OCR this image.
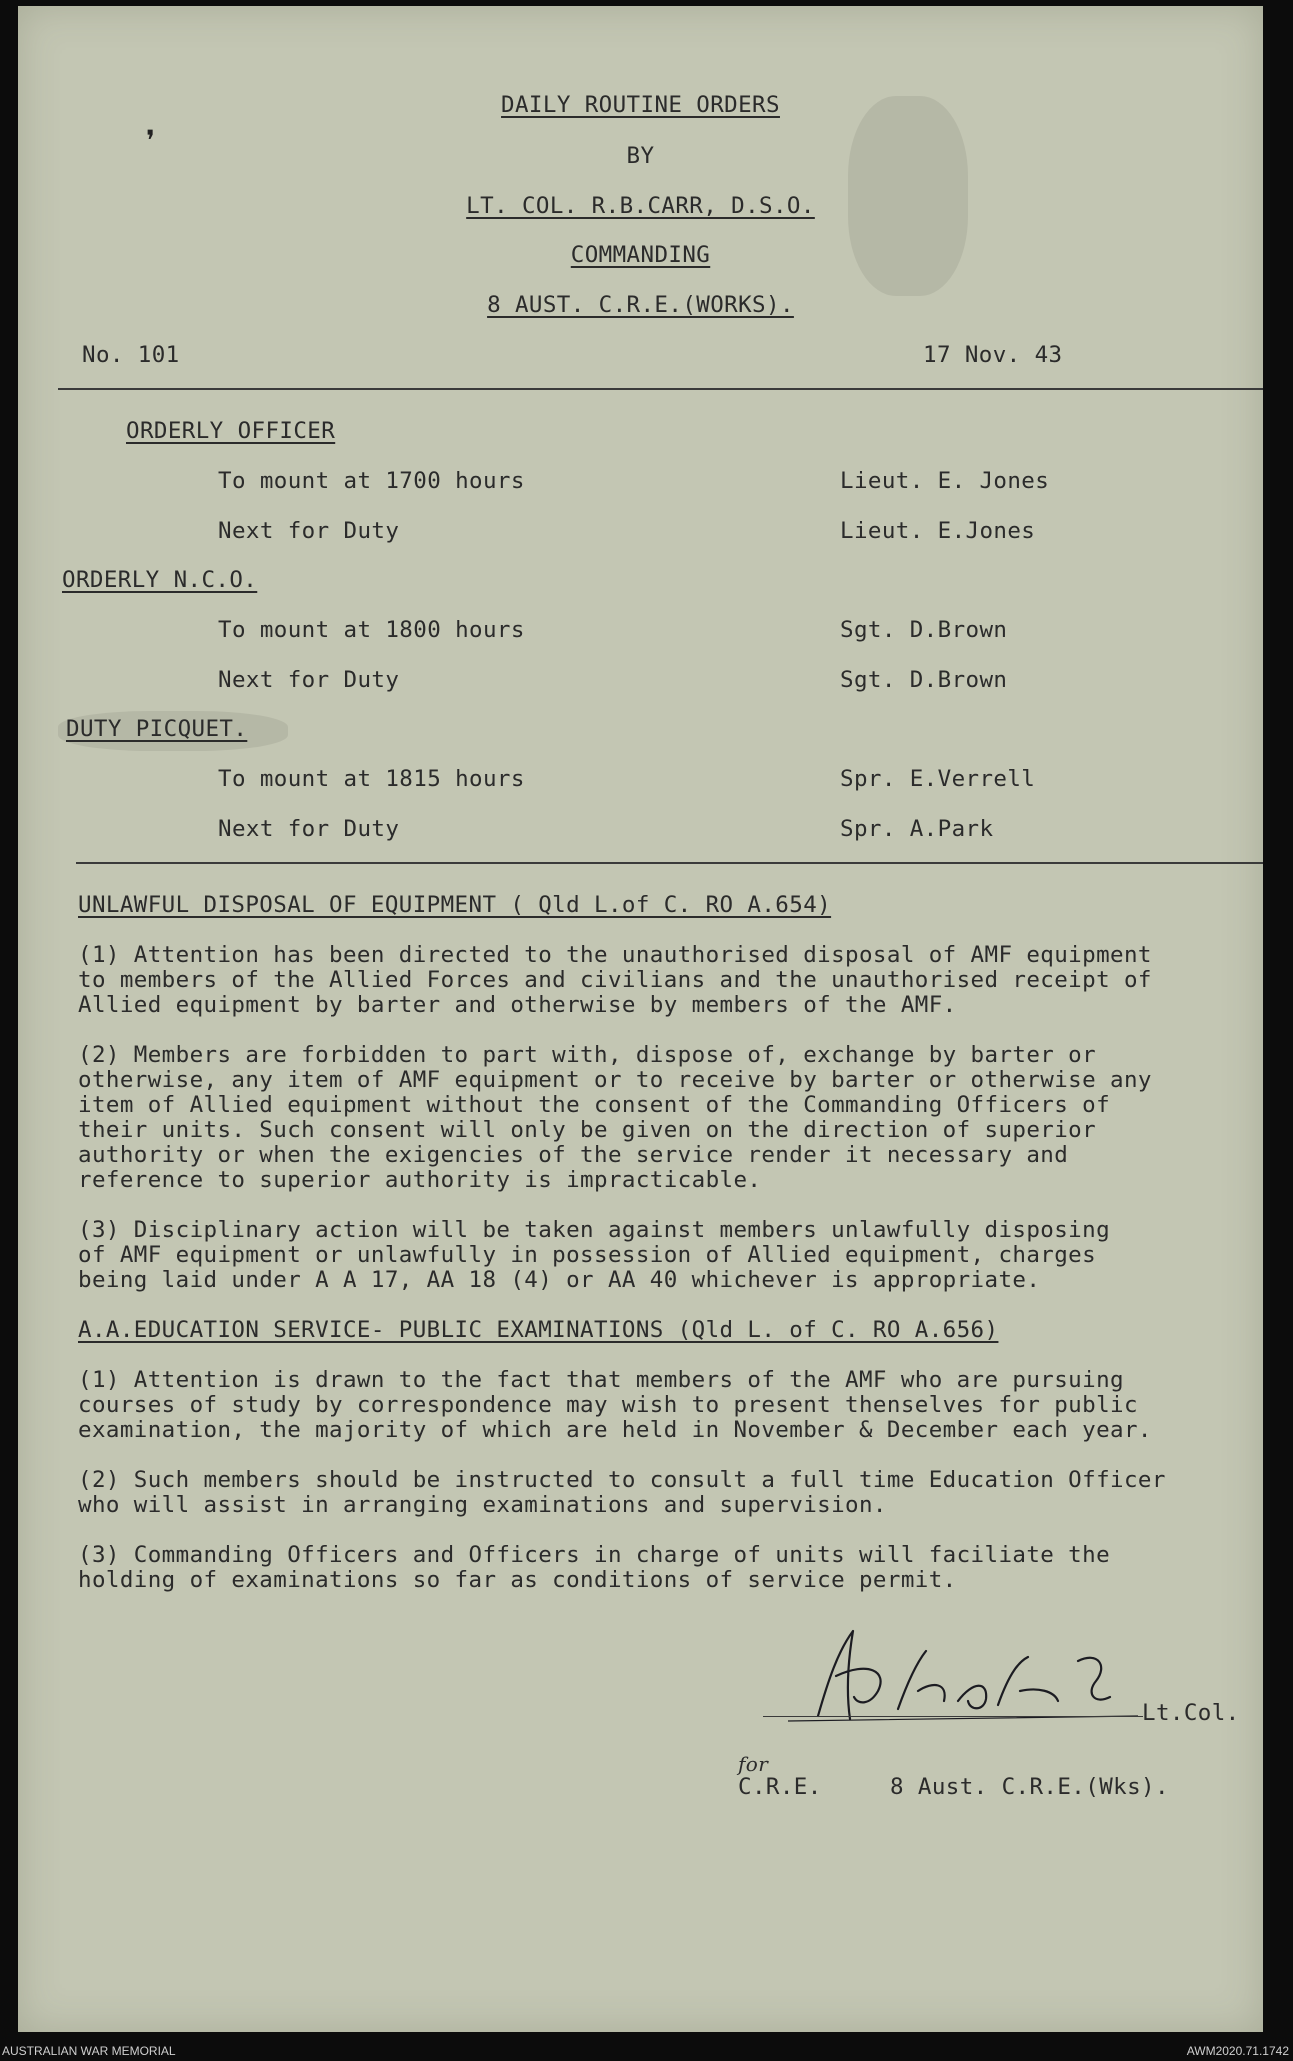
❜
DAILY ROUTINE ORDERS
BY
LT. COL. R.B.CARR, D.S.O.
COMMANDING
8 AUST. C.R.E.(WORKS).
No. 101	17 Nov. 43
ORDERLY OFFICER
To mount at 1700 hours	Lieut. E. Jones
Next for Duty	Lieut. E.Jones
ORDERLY N.C.O.
To mount at 1800 hours	Sgt. D.Brown
Next for Duty	Sgt. D.Brown
DUTY PICQUET.
To mount at 1815 hours	Spr. E.Verrell
Next for Duty	Spr. A.Park
UNLAWFUL DISPOSAL OF EQUIPMENT ( Qld L.of C. RO A.654)
(1) Attention has been directed to the unauthorised disposal of AMF equipment
to members of the Allied Forces and civilians and the unauthorised receipt of
Allied equipment by barter and otherwise by members of the AMF.
(2) Members are forbidden to part with, dispose of, exchange by barter or
otherwise, any item of AMF equipment or to receive by barter or otherwise any
item of Allied equipment without the consent of the Commanding Officers of
their units. Such consent will only be given on the direction of superior
authority or when the exigencies of the service render it necessary and
reference to superior authority is impracticable.
(3) Disciplinary action will be taken against members unlawfully disposing
of AMF equipment or unlawfully in possession of Allied equipment, charges
being laid under A A 17, AA 18 (4) or AA 40 whichever is appropriate.
A.A.EDUCATION SERVICE- PUBLIC EXAMINATIONS (Qld L. of C. RO A.656)
(1) Attention is drawn to the fact that members of the AMF who are pursuing
courses of study by correspondence may wish to present thenselves for public
examination, the majority of which are held in November & December each year.
(2) Such members should be instructed to consult a full time Education Officer
who will assist in arranging examinations and supervision.
(3) Commanding Officers and Officers in charge of units will faciliate the
holding of examinations so far as conditions of service permit.
Lt.Col.
for
C.R.E.	8 Aust. C.R.E.(Wks).
AUSTRALIAN WAR MEMORIAL	AWM2020.71.1742
